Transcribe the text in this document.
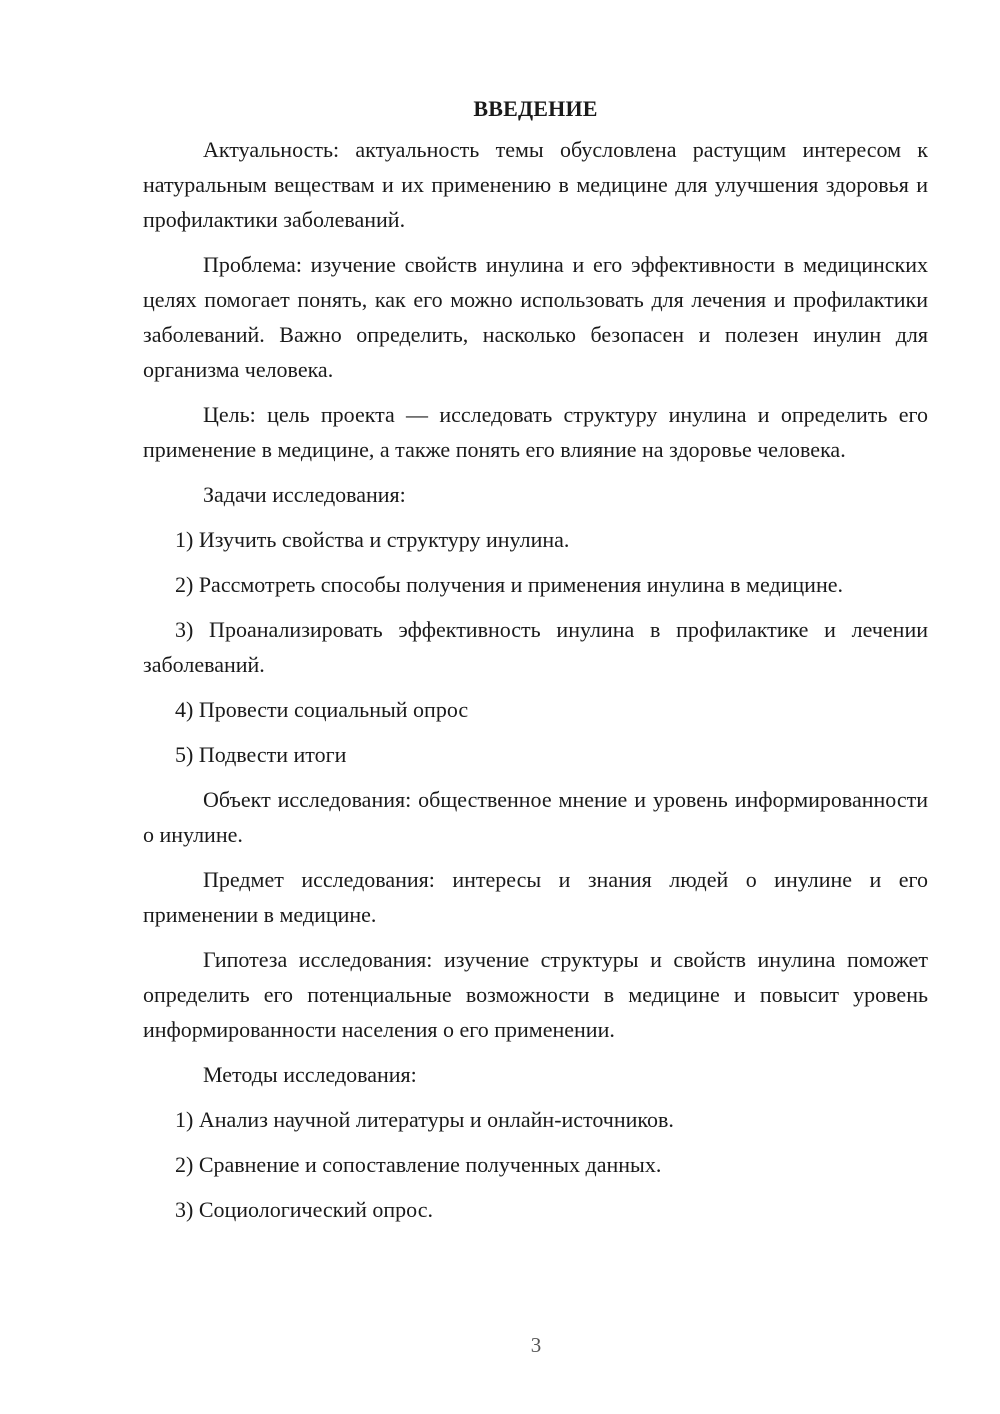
ВВЕДЕНИЕ

Актуальность: актуальность темы обусловлена растущим интересом к натуральным веществам и их применению в медицине для улучшения здоровья и профилактики заболеваний.

Проблема: изучение свойств инулина и его эффективности в медицинских целях помогает понять, как его можно использовать для лечения и профилактики заболеваний. Важно определить, насколько безопасен и полезен инулин для организма человека.

Цель: цель проекта — исследовать структуру инулина и определить его применение в медицине, а также понять его влияние на здоровье человека.

Задачи исследования:

1) Изучить свойства и структуру инулина.

2) Рассмотреть способы получения и применения инулина в медицине.

3) Проанализировать эффективность инулина в профилактике и лечении заболеваний.

4) Провести социальный опрос

5) Подвести итоги

Объект исследования: общественное мнение и уровень информированности о инулине.

Предмет исследования: интересы и знания людей о инулине и его применении в медицине.

Гипотеза исследования: изучение структуры и свойств инулина поможет определить его потенциальные возможности в медицине и повысит уровень информированности населения о его применении.

Методы исследования:

1) Анализ научной литературы и онлайн-источников.

2) Сравнение и сопоставление полученных данных.

3) Социологический опрос.

3
